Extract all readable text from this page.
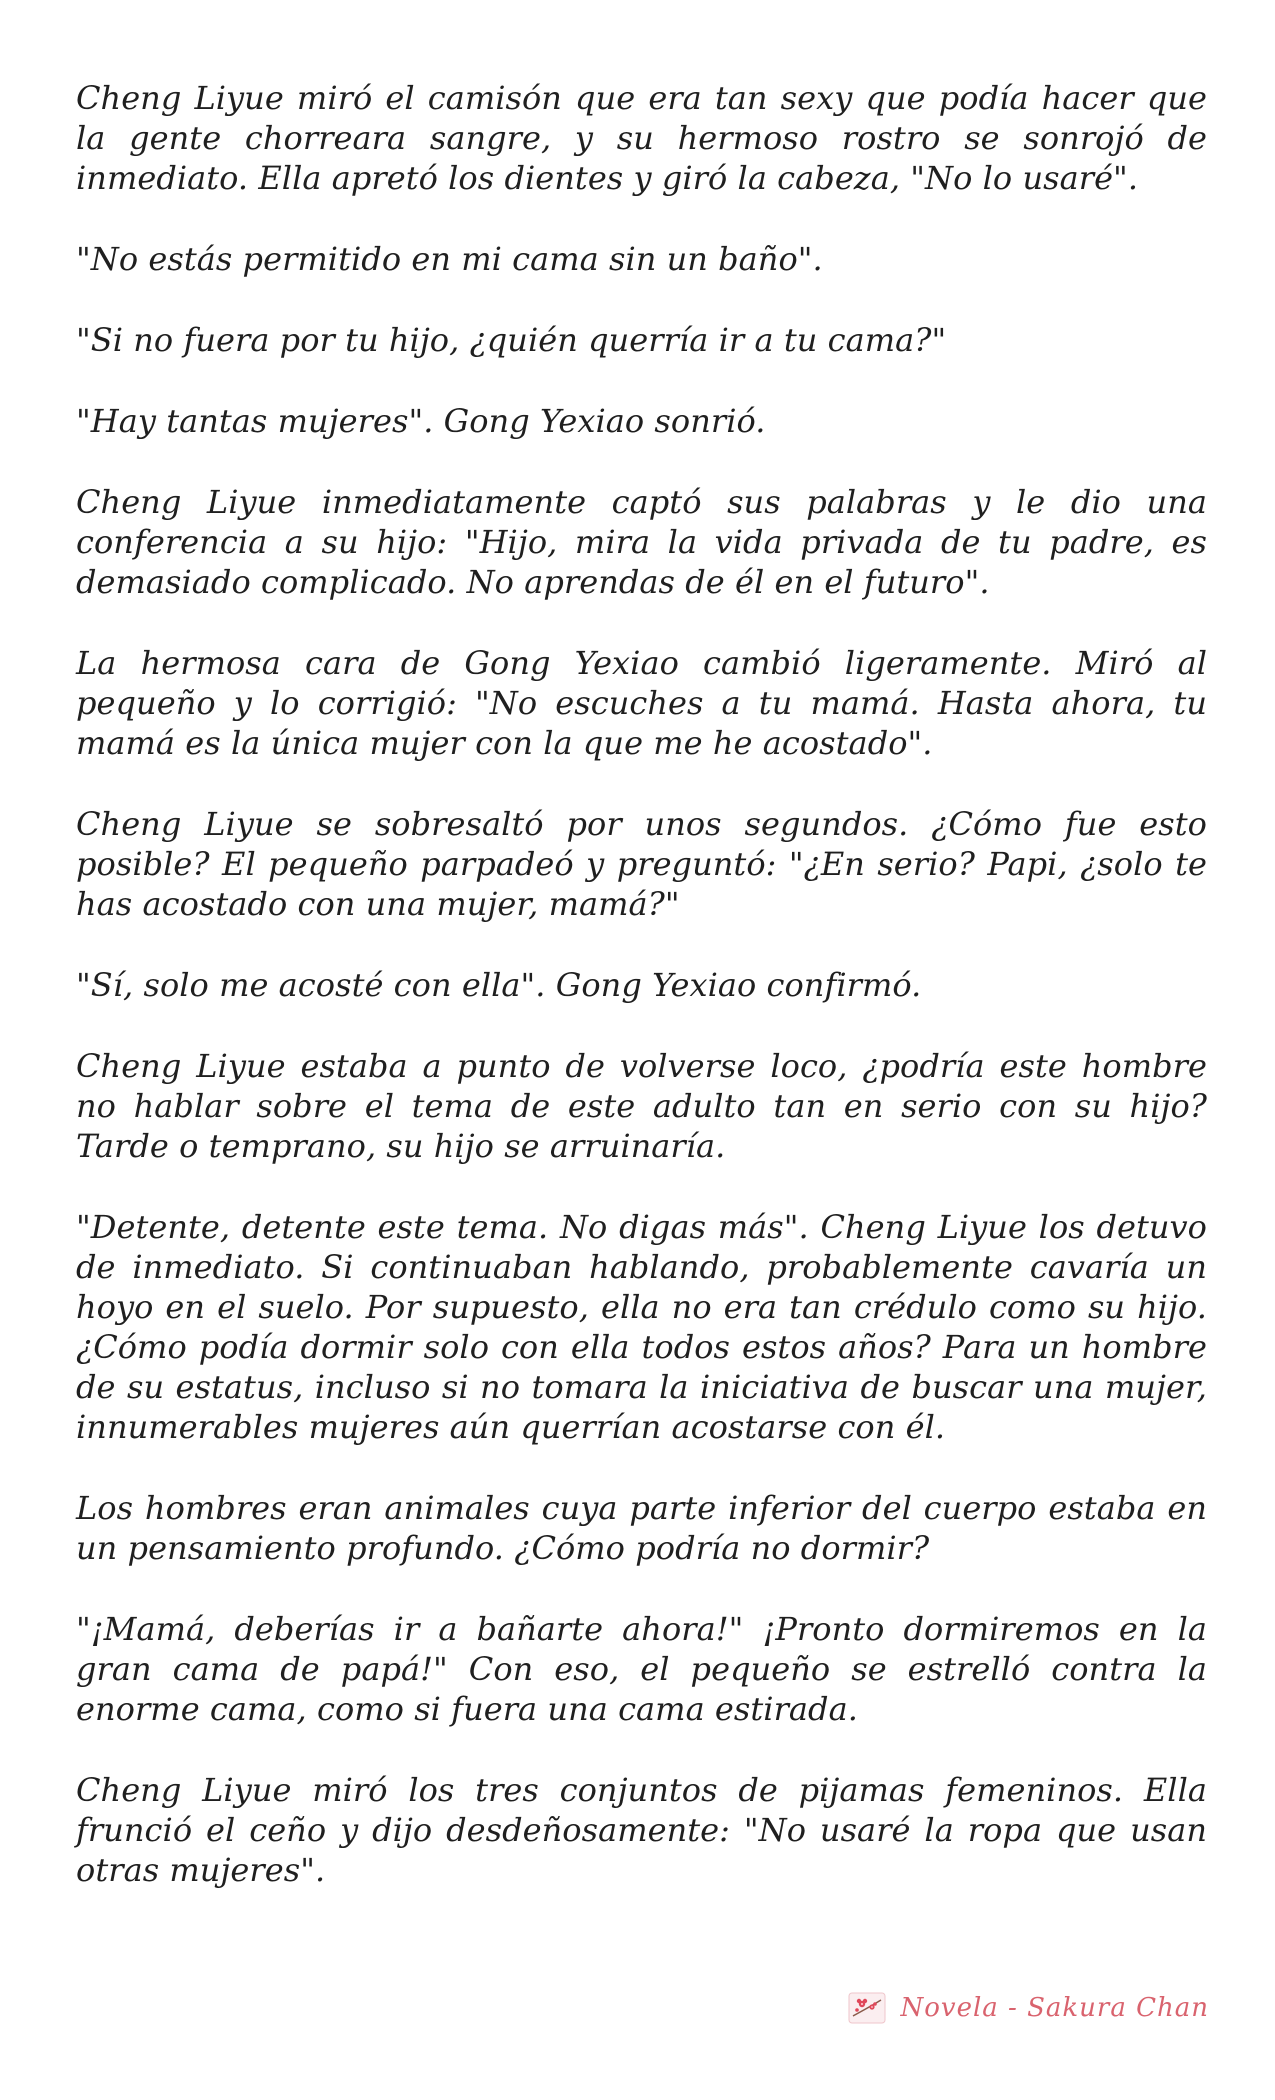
Cheng Liyue miró el camisón que era tan sexy que podía hacer que la gente chorreara sangre, y su hermoso rostro se sonrojó de inmediato. Ella apretó los dientes y giró la cabeza, "No lo usaré".

"No estás permitido en mi cama sin un baño".

"Si no fuera por tu hijo, ¿quién querría ir a tu cama?"

"Hay tantas mujeres". Gong Yexiao sonrió.

Cheng Liyue inmediatamente captó sus palabras y le dio una conferencia a su hijo: "Hijo, mira la vida privada de tu padre, es demasiado complicado. No aprendas de él en el futuro".

La hermosa cara de Gong Yexiao cambió ligeramente. Miró al pequeño y lo corrigió: "No escuches a tu mamá. Hasta ahora, tu mamá es la única mujer con la que me he acostado".

Cheng Liyue se sobresaltó por unos segundos. ¿Cómo fue esto posible? El pequeño parpadeó y preguntó: "¿En serio? Papi, ¿solo te has acostado con una mujer, mamá?"

"Sí, solo me acosté con ella". Gong Yexiao confirmó.

Cheng Liyue estaba a punto de volverse loco, ¿podría este hombre no hablar sobre el tema de este adulto tan en serio con su hijo? Tarde o temprano, su hijo se arruinaría.

"Detente, detente este tema. No digas más". Cheng Liyue los detuvo de inmediato. Si continuaban hablando, probablemente cavaría un hoyo en el suelo. Por supuesto, ella no era tan crédulo como su hijo. ¿Cómo podía dormir solo con ella todos estos años? Para un hombre de su estatus, incluso si no tomara la iniciativa de buscar una mujer, innumerables mujeres aún querrían acostarse con él.

Los hombres eran animales cuya parte inferior del cuerpo estaba en un pensamiento profundo. ¿Cómo podría no dormir?

"¡Mamá, deberías ir a bañarte ahora!" ¡Pronto dormiremos en la gran cama de papá!" Con eso, el pequeño se estrelló contra la enorme cama, como si fuera una cama estirada.

Cheng Liyue miró los tres conjuntos de pijamas femeninos. Ella frunció el ceño y dijo desdeñosamente: "No usaré la ropa que usan otras mujeres".

Novela - Sakura Chan
